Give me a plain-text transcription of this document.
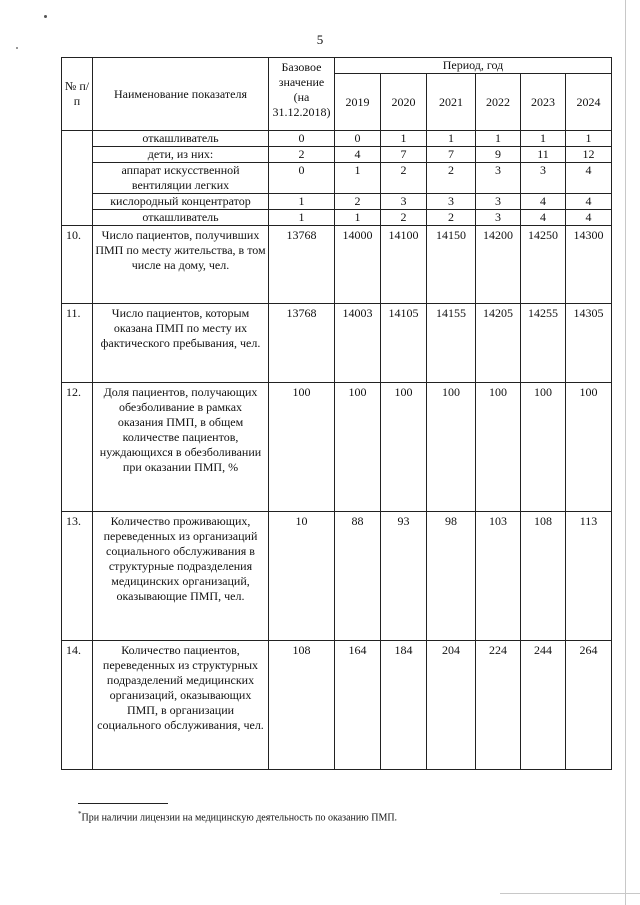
5
№ п/п	Наименование показателя	Базовое значение (на 31.12.2018)	Период, год					
			2019	2020	2021	2022	2023	2024
	откашливатель	0	0	1	1	1	1	1
	дети, из них:	2	4	7	7	9	11	12
	аппарат искусственной вентиляции легких	0	1	2	2	3	3	4
	кислородный концентратор	1	2	3	3	3	4	4
	откашливатель	1	1	2	2	3	4	4
10.	Число пациентов, получивших ПМП по месту жительства, в том числе на дому, чел.	13768	14000	14100	14150	14200	14250	14300
11.	Число пациентов, которым оказана ПМП по месту их фактического пребывания, чел.	13768	14003	14105	14155	14205	14255	14305
12.	Доля пациентов, получающих обезболивание в рамках оказания ПМП, в общем количестве пациентов, нуждающихся в обезболивании при оказании ПМП, %	100	100	100	100	100	100	100
13.	Количество проживающих, переведенных из организаций социального обслуживания в структурные подразделения медицинских организаций, оказывающие ПМП, чел.	10	88	93	98	103	108	113
14.	Количество пациентов, переведенных из структурных подразделений медицинских организаций, оказывающих ПМП, в организации социального обслуживания, чел.	108	164	184	204	224	244	264
*При наличии лицензии на медицинскую деятельность по оказанию ПМП.
